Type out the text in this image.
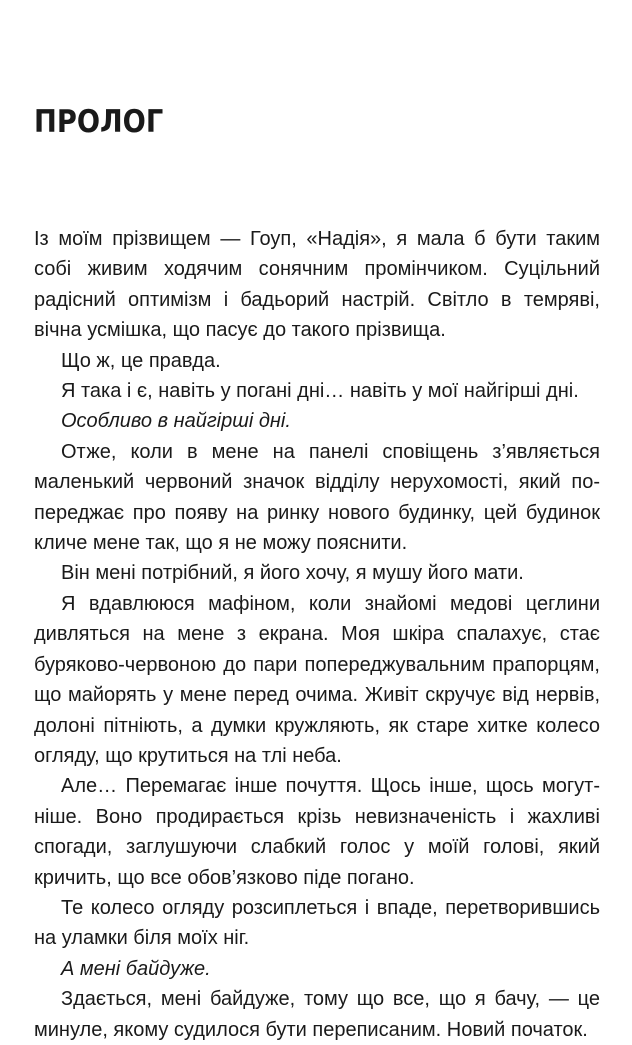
ПРОЛОГ

Із моїм прізвищем — Гоуп, «Надія», я мала б бути таким собі живим ходячим сонячним промінчиком. Суцільний радісний оптимізм і бадьорий настрій. Світло в темряві, вічна усмішка, що пасує до такого прізвища.

Що ж, це правда.

Я така і є, навіть у погані дні… навіть у мої найгірші дні.

Особливо в найгірші дні.

Отже, коли в мене на панелі сповіщень з’являється маленький червоний значок відділу нерухомості, який попереджає про появу на ринку нового будинку, цей будинок кличе мене так, що я не можу пояснити.

Він мені потрібний, я його хочу, я мушу його мати.

Я вдавлююся мафіном, коли знайомі медові цеглини дивляться на мене з екрана. Моя шкіра спалахує, стає буряково-червоною до пари попереджувальним прапорцям, що майорять у мене перед очима. Живіт скручує від нервів, долоні пітніють, а думки кружляють, як старе хитке колесо огляду, що крутиться на тлі неба.

Але… Перемагає інше почуття. Щось інше, щось могутніше. Воно продирається крізь невизначеність і жахливі спогади, заглушуючи слабкий голос у моїй голові, який кричить, що все обов’язково піде погано.

Те колесо огляду розсиплеться і впаде, перетворившись на уламки біля моїх ніг.

А мені байдуже.

Здається, мені байдуже, тому що все, що я бачу, — це минуле, якому судилося бути переписаним. Новий початок.
